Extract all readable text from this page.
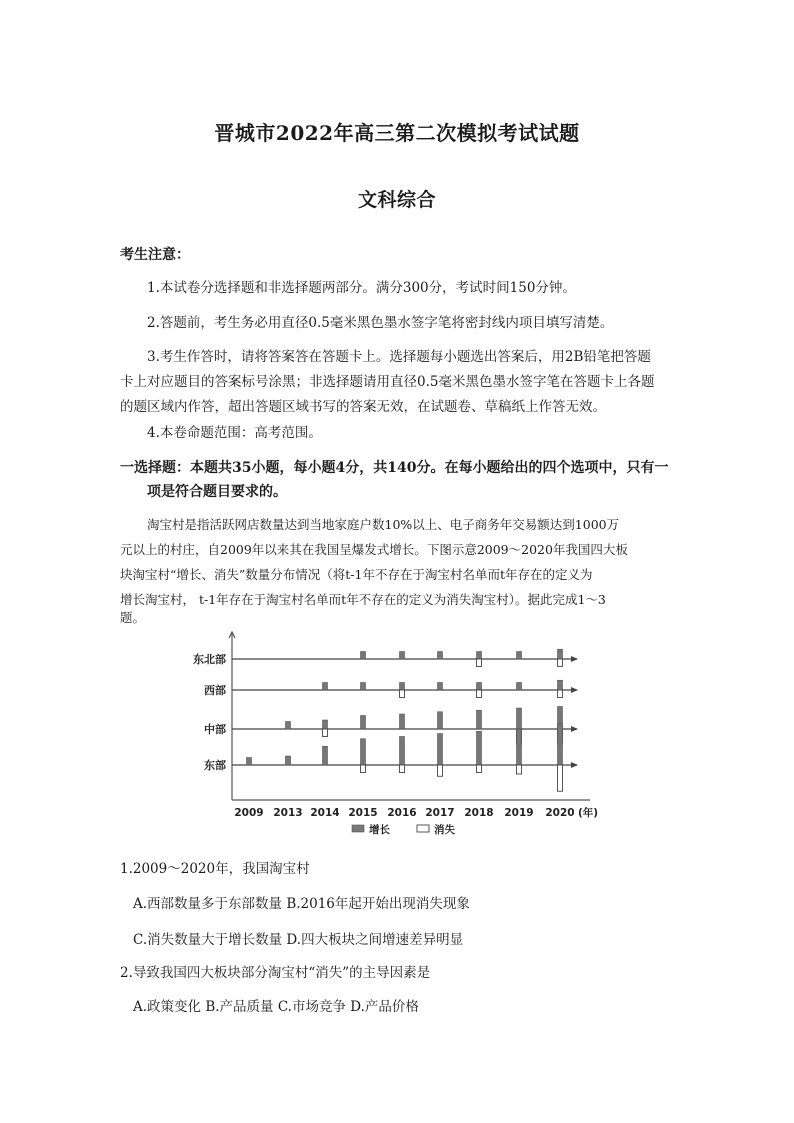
晋城市2022年高三第二次模拟考试试题
文科综合
考生注意：
1.本试卷分选择题和非选择题两部分。满分300分，考试时间150分钟。
2.答题前，考生务必用直径0.5毫米黑色墨水签字笔将密封线内项目填写清楚。
3.考生作答时，请将答案答在答题卡上。选择题每小题选出答案后，用2B铅笔把答题
卡上对应题目的答案标号涂黑；非选择题请用直径0.5毫米黑色墨水签字笔在答题卡上各题
的题区域内作答，超出答题区域书写的答案无效，在试题卷、草稿纸上作答无效。
4.本卷命题范围：高考范围。
一选择题：本题共35小题，每小题4分，共140分。在每小题给出的四个选项中，只有一
项是符合题目要求的。
淘宝村是指活跃网店数量达到当地家庭户数10%以上、电子商务年交易额达到1000万
元以上的村庄，自2009年以来其在我国呈爆发式增长。下图示意2009～2020年我国四大板
块淘宝村“增长、消失”数量分布情况（将t-1年不存在于淘宝村名单而t年存在的定义为
增长淘宝村， t-1年存在于淘宝村名单而t年不存在的定义为消失淘宝村）。据此完成1～3
题。
东北部
西部
中部
东部
2009 2013 2014 2015 2016 2017 2018 2019 2020 (年)
增长	消失
1.2009～2020年，我国淘宝村
A.西部数量多于东部数量 B.2016年起开始出现消失现象
C.消失数量大于增长数量 D.四大板块之间增速差异明显
2.导致我国四大板块部分淘宝村“消失”的主导因素是
A.政策变化 B.产品质量 C.市场竞争 D.产品价格
